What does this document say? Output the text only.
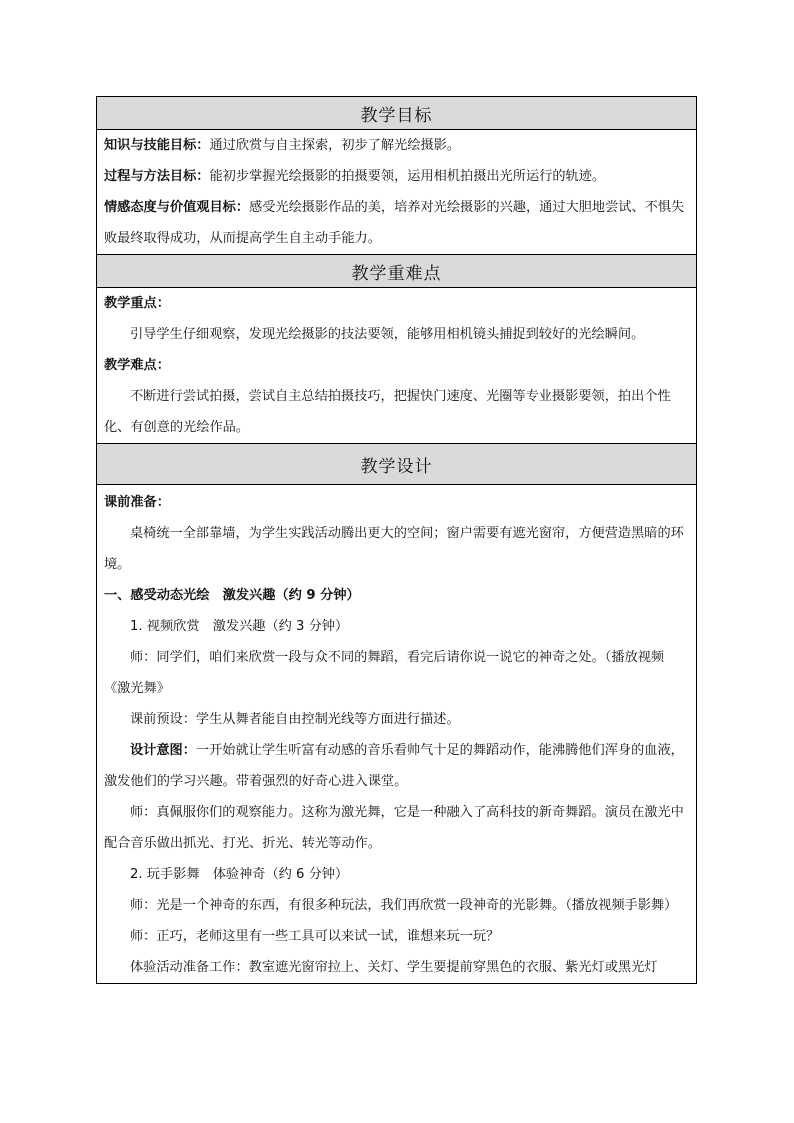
教学目标

知识与技能目标：通过欣赏与自主探索，初步了解光绘摄影。

过程与方法目标：能初步掌握光绘摄影的拍摄要领，运用相机拍摄出光所运行的轨迹。

情感态度与价值观目标：感受光绘摄影作品的美，培养对光绘摄影的兴趣，通过大胆地尝试、不惧失败最终取得成功，从而提高学生自主动手能力。

教学重难点

教学重点：

引导学生仔细观察，发现光绘摄影的技法要领，能够用相机镜头捕捉到较好的光绘瞬间。

教学难点：

不断进行尝试拍摄，尝试自主总结拍摄技巧，把握快门速度、光圈等专业摄影要领，拍出个性化、有创意的光绘作品。

教学设计

课前准备：

桌椅统一全部靠墙，为学生实践活动腾出更大的空间；窗户需要有遮光窗帘，方便营造黑暗的环境。

一、感受动态光绘　激发兴趣（约 9 分钟）

1. 视频欣赏　激发兴趣（约 3 分钟）

师：同学们，咱们来欣赏一段与众不同的舞蹈，看完后请你说一说它的神奇之处。（播放视频《激光舞》

课前预设：学生从舞者能自由控制光线等方面进行描述。

设计意图：一开始就让学生听富有动感的音乐看帅气十足的舞蹈动作，能沸腾他们浑身的血液，激发他们的学习兴趣。带着强烈的好奇心进入课堂。

师：真佩服你们的观察能力。这称为激光舞，它是一种融入了高科技的新奇舞蹈。演员在激光中配合音乐做出抓光、打光、折光、转光等动作。

2. 玩手影舞　体验神奇（约 6 分钟）

师：光是一个神奇的东西，有很多种玩法，我们再欣赏一段神奇的光影舞。（播放视频手影舞）

师：正巧，老师这里有一些工具可以来试一试，谁想来玩一玩？

体验活动准备工作：教室遮光窗帘拉上、关灯、学生要提前穿黑色的衣服、紫光灯或黑光灯
